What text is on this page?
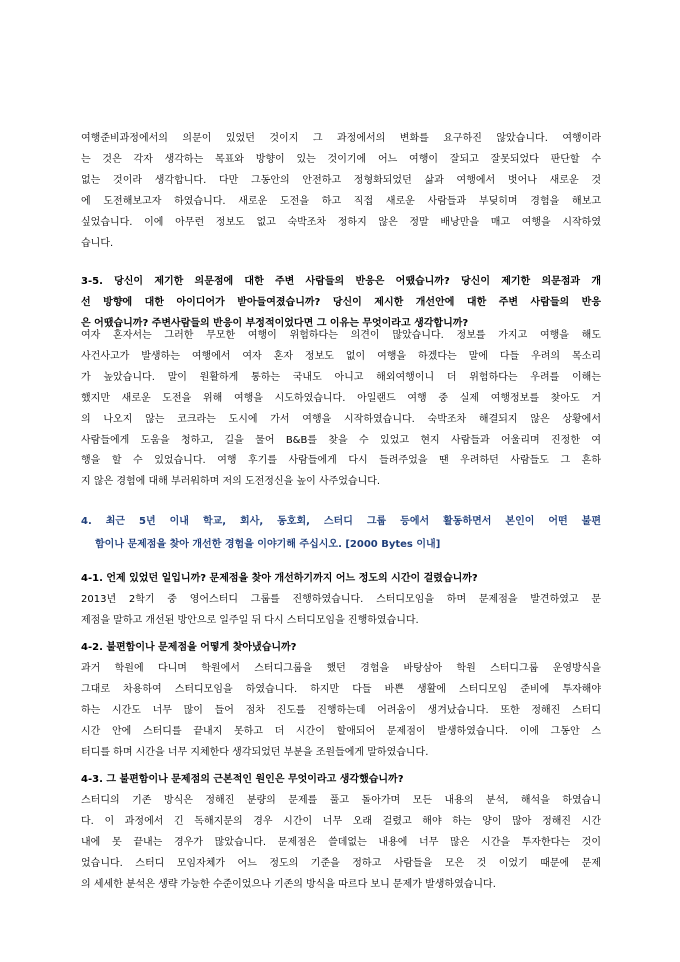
여행준비과정에서의 의문이 있었던 것이지 그 과정에서의 변화를 요구하진 않았습니다. 여행이라
는 것은 각자 생각하는 목표와 방향이 있는 것이기에 어느 여행이 잘되고 잘못되었다 판단할 수
없는 것이라 생각합니다. 다만 그동안의 안전하고 정형화되었던 삶과 여행에서 벗어나 새로운 것
에 도전해보고자 하였습니다. 새로운 도전을 하고 직접 새로운 사람들과 부딪히며 경험을 해보고
싶었습니다. 이에 아무런 정보도 없고 숙박조차 정하지 않은 정말 배낭만을 매고 여행을 시작하였
습니다.
3-5. 당신이 제기한 의문점에 대한 주변 사람들의 반응은 어땠습니까? 당신이 제기한 의문점과 개
선 방향에 대한 아이디어가 받아들여졌습니까? 당신이 제시한 개선안에 대한 주변 사람들의 반응
은 어땠습니까? 주변사람들의 반응이 부정적이었다면 그 이유는 무엇이라고 생각합니까?
여자 혼자서는 그러한 무모한 여행이 위험하다는 의견이 많았습니다. 정보를 가지고 여행을 해도
사건사고가 발생하는 여행에서 여자 혼자 정보도 없이 여행을 하겠다는 말에 다들 우려의 목소리
가 높았습니다. 말이 원활하게 통하는 국내도 아니고 해외여행이니 더 위험하다는 우려를 이해는
했지만 새로운 도전을 위해 여행을 시도하였습니다. 아일랜드 여행 중 실제 여행정보를 찾아도 거
의 나오지 않는 코크라는 도시에 가서 여행을 시작하였습니다. 숙박조차 해결되지 않은 상황에서
사람들에게 도움을 청하고, 길을 물어 B&B를 찾을 수 있었고 현지 사람들과 어울리며 진정한 여
행을 할 수 있었습니다. 여행 후기를 사람들에게 다시 들려주었을 땐 우려하던 사람들도 그 흔하
지 않은 경험에 대해 부러워하며 저의 도전정신을 높이 사주었습니다.
4. 최근 5년 이내 학교, 회사, 동호회, 스터디 그룹 등에서 활동하면서 본인이 어떤 불편
함이나 문제점을 찾아 개선한 경험을 이야기해 주십시오. [2000 Bytes 이내]
4-1. 언제 있었던 일입니까? 문제점을 찾아 개선하기까지 어느 정도의 시간이 걸렸습니까?
2013년 2학기 중 영어스터디 그룹를 진행하였습니다. 스터디모임을 하며 문제점을 발견하였고 문
제점을 말하고 개선된 방안으로 일주일 뒤 다시 스터디모임을 진행하였습니다.
4-2. 불편함이나 문제점을 어떻게 찾아냈습니까?
과거 학원에 다니며 학원에서 스터디그룹을 했던 경험을 바탕삼아 학원 스터디그룹 운영방식을
그대로 차용하여 스터디모임을 하였습니다. 하지만 다들 바쁜 생활에 스터디모임 준비에 투자해야
하는 시간도 너무 많이 들어 점차 진도를 진행하는데 어려움이 생겨났습니다. 또한 정해진 스터디
시간 안에 스터디를 끝내지 못하고 더 시간이 할애되어 문제점이 발생하였습니다. 이에 그동안 스
터디를 하며 시간을 너무 지체한다 생각되었던 부분을 조원들에게 말하였습니다.
4-3. 그 불편함이나 문제점의 근본적인 원인은 무엇이라고 생각했습니까?
스터디의 기존 방식은 정해진 분량의 문제를 풀고 돌아가며 모든 내용의 분석, 해석을 하였습니
다. 이 과정에서 긴 독해지문의 경우 시간이 너무 오래 걸렸고 해야 하는 양이 많아 정해진 시간
내에 못 끝내는 경우가 많았습니다. 문제점은 쓸데없는 내용에 너무 많은 시간을 투자한다는 것이
었습니다. 스터디 모임자체가 어느 정도의 기준을 정하고 사람들을 모은 것 이었기 때문에 문제
의 세세한 분석은 생략 가능한 수준이었으나 기존의 방식을 따르다 보니 문제가 발생하였습니다.
